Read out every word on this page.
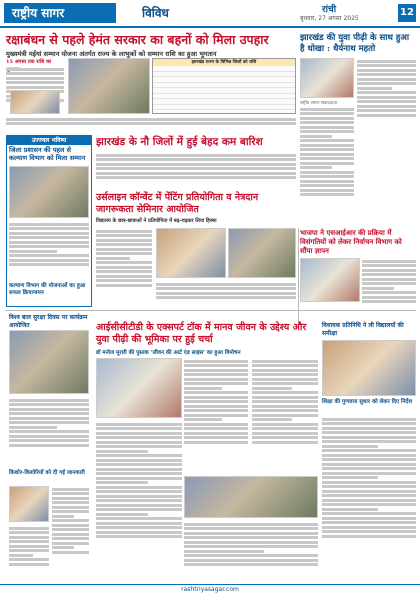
राष्ट्रीय सागर	विविध	रांची
बुधवार, 27 अगस्त 2025
12
रक्षाबंधन से पहले हेमंत सरकार का बहनों को मिला उपहार
मुख्यमंत्री मईयां सम्मान योजना अंतर्गत राज्य के लाभुकों को सम्मान राशि का हुआ भुगतान
15 अगस्त तक राशि का	झारखंड राज्य के विभिन्न जिलों को राशि
झारखंड की युवा पीढ़ी के साथ हुआ है धोखा : धैर्यनाथ महतो
राष्ट्रीय सागर संवाददाता
उज्ज्वल भविष्य
जिला प्रशासन की पहल से कल्याण विभाग को मिला सम्मान
कल्याण विभाग की योजनाओं का हुआ सफल क्रियान्वयन
झारखंड के नौ जिलों में हुई बेहद कम बारिश
उर्सलाइन कॉन्वेंट में पेंटिंग प्रतियोगिता व नेत्रदान जागरूकता सेमिनार आयोजित
विद्यालय के छात्र-छात्राओं ने प्रतियोगिता में बढ़-चढ़कर लिया हिस्सा
भाजपा ने एसआईआर की प्रक्रिया में विसंगतियों को लेकर निर्वाचन विभाग को सौंपा ज्ञापन
विश्व बाल सुरक्षा दिवस पर कार्यक्रम आयोजित
किशोर-किशोरियों को दी गई जानकारी
आईसीसीटीडी के एक्सपर्ट टॉक में मानव जीवन के उद्देश्य और युवा पीढ़ी की भूमिका पर हुई चर्चा
डॉ मनोज मुरारी की पुस्तक 'जीवन की आर्ट एंड साइंस' का हुआ विमोचन
विधायक प्रतिनिधि ने ली विद्यालयों की समीक्षा
शिक्षा की गुणवत्ता सुधार को लेकर दिए निर्देश
rashtriyasagar.com
